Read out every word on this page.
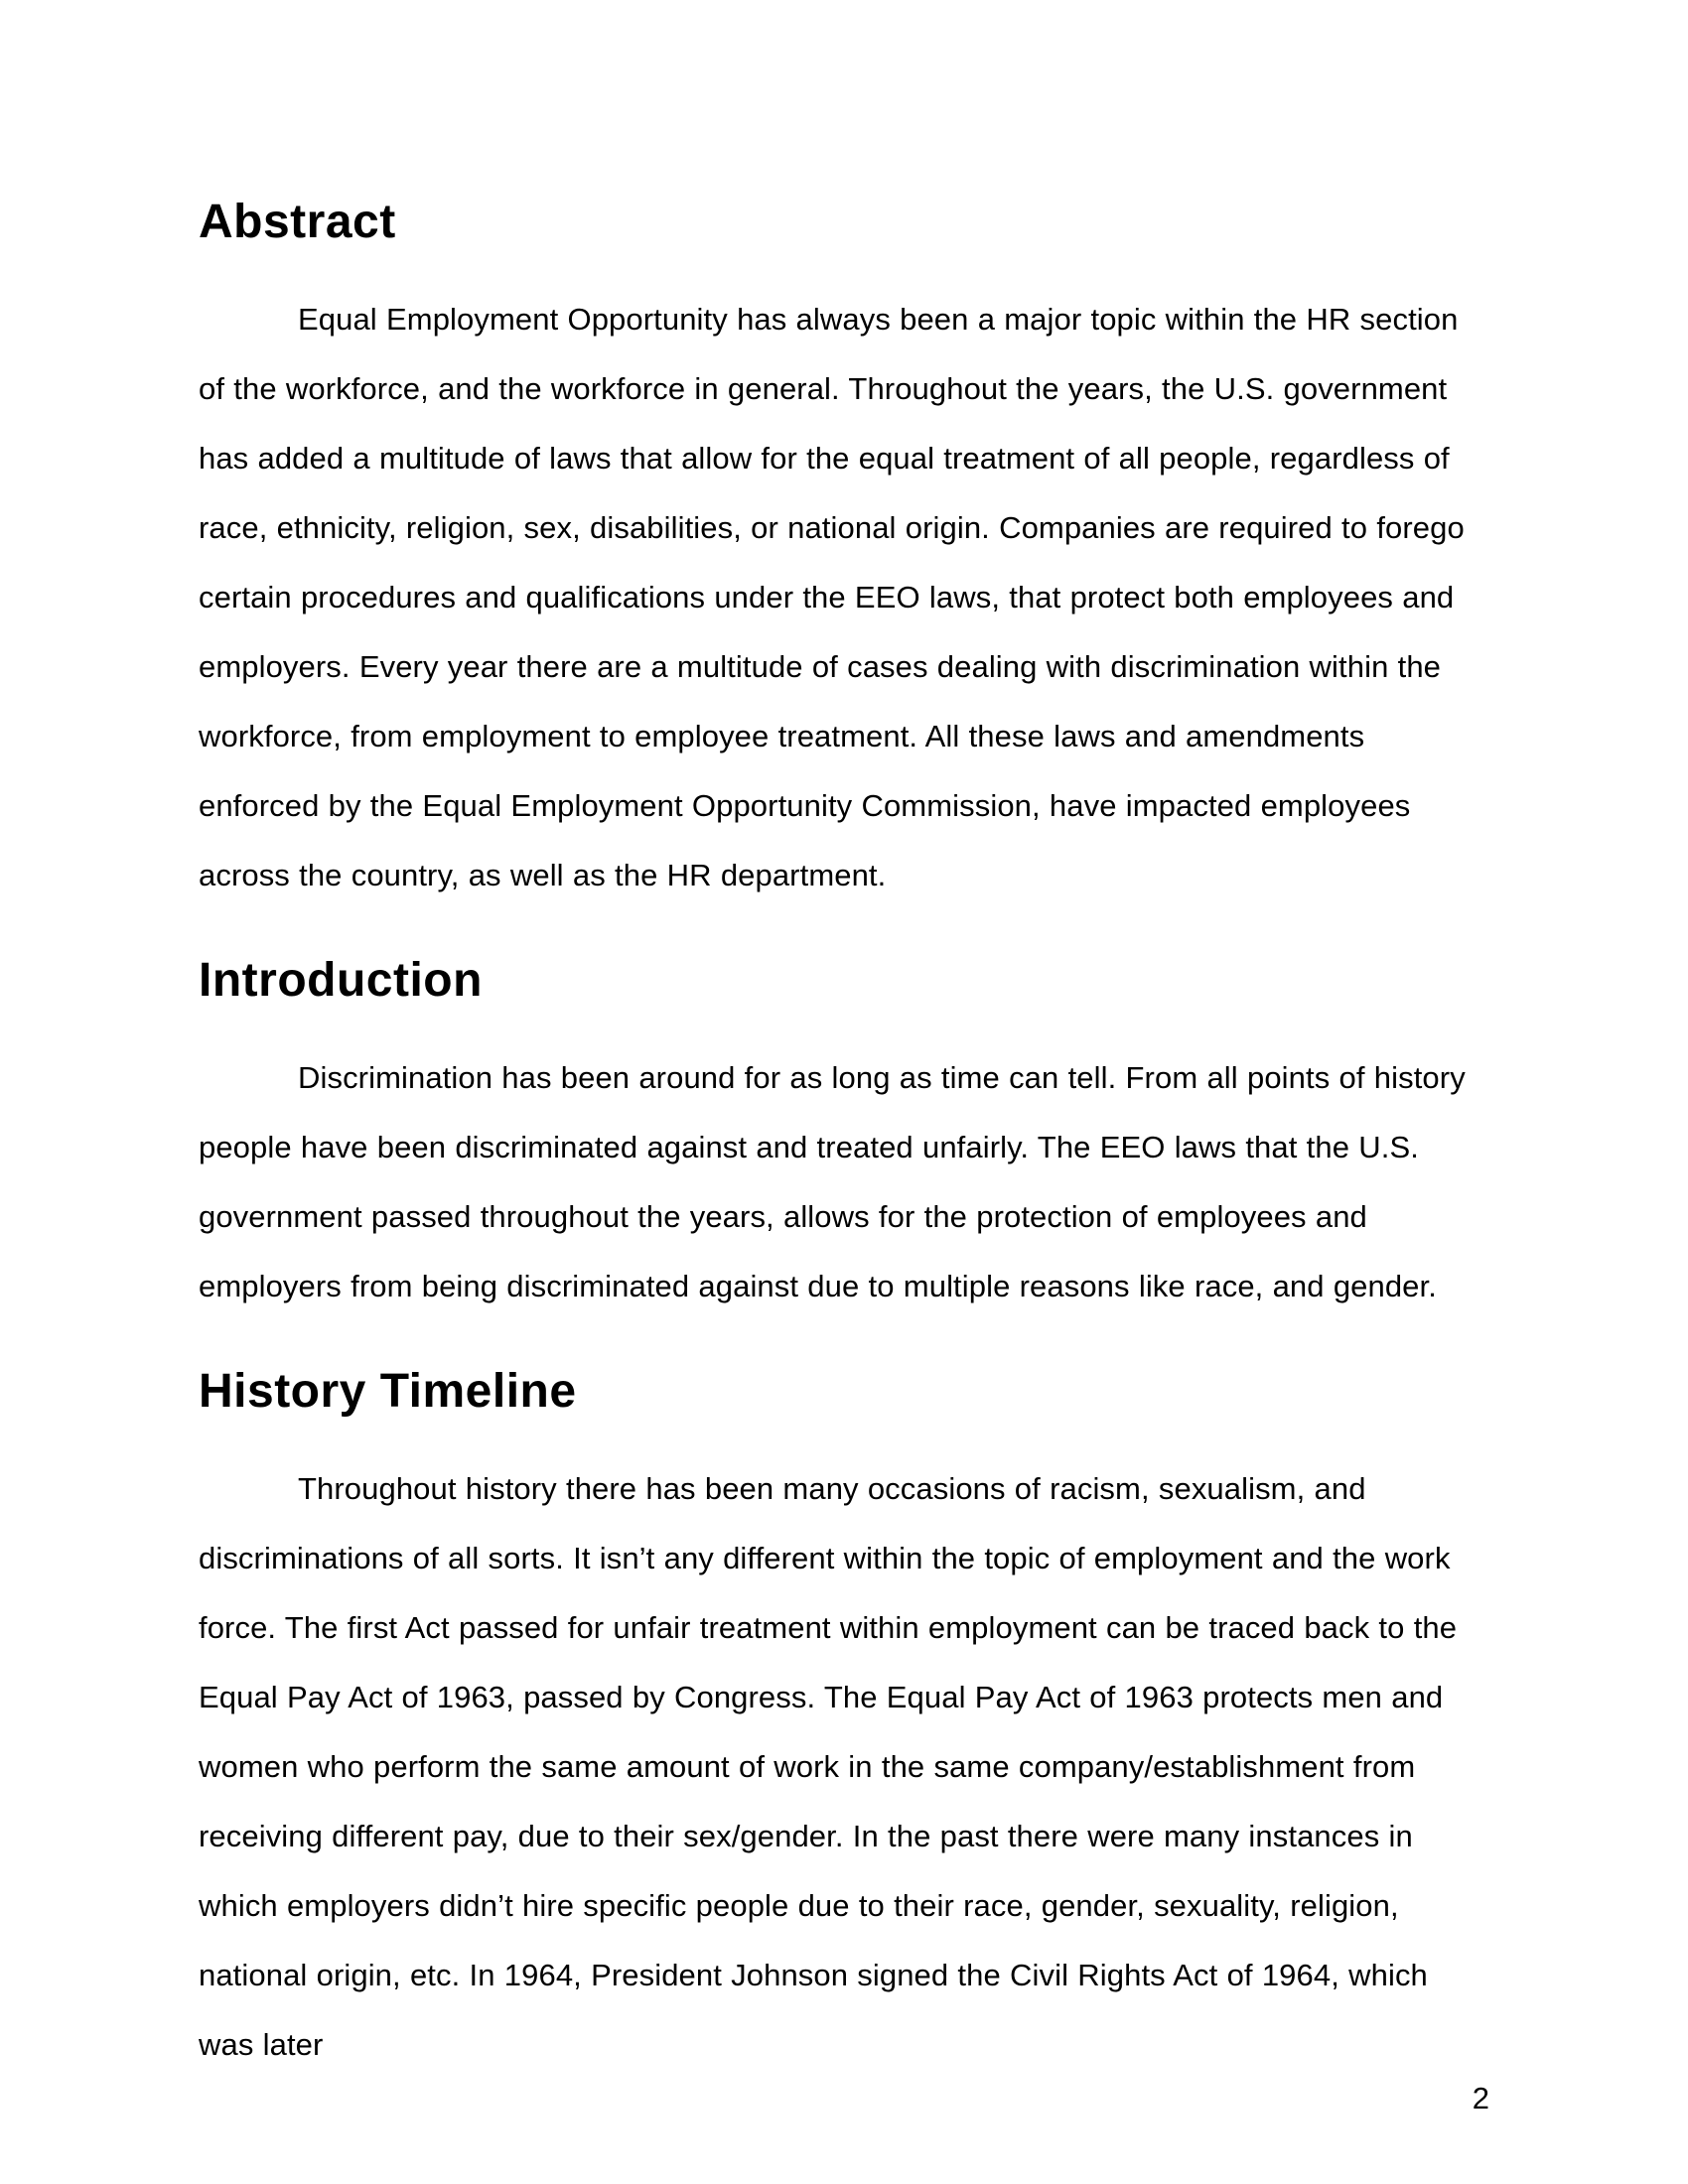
Abstract

Equal Employment Opportunity has always been a major topic within the HR section of the workforce, and the workforce in general. Throughout the years, the U.S. government has added a multitude of laws that allow for the equal treatment of all people, regardless of race, ethnicity, religion, sex, disabilities, or national origin. Companies are required to forego certain procedures and qualifications under the EEO laws, that protect both employees and employers. Every year there are a multitude of cases dealing with discrimination within the workforce, from employment to employee treatment. All these laws and amendments enforced by the Equal Employment Opportunity Commission, have impacted employees across the country, as well as the HR department.

Introduction

Discrimination has been around for as long as time can tell. From all points of history people have been discriminated against and treated unfairly. The EEO laws that the U.S. government passed throughout the years, allows for the protection of employees and employers from being discriminated against due to multiple reasons like race, and gender.

History Timeline

Throughout history there has been many occasions of racism, sexualism, and discriminations of all sorts. It isn’t any different within the topic of employment and the work force. The first Act passed for unfair treatment within employment can be traced back to the Equal Pay Act of 1963, passed by Congress. The Equal Pay Act of 1963 protects men and women who perform the same amount of work in the same company/establishment from receiving different pay, due to their sex/gender. In the past there were many instances in which employers didn’t hire specific people due to their race, gender, sexuality, religion, national origin, etc. In 1964, President Johnson signed the Civil Rights Act of 1964, which was later

2
